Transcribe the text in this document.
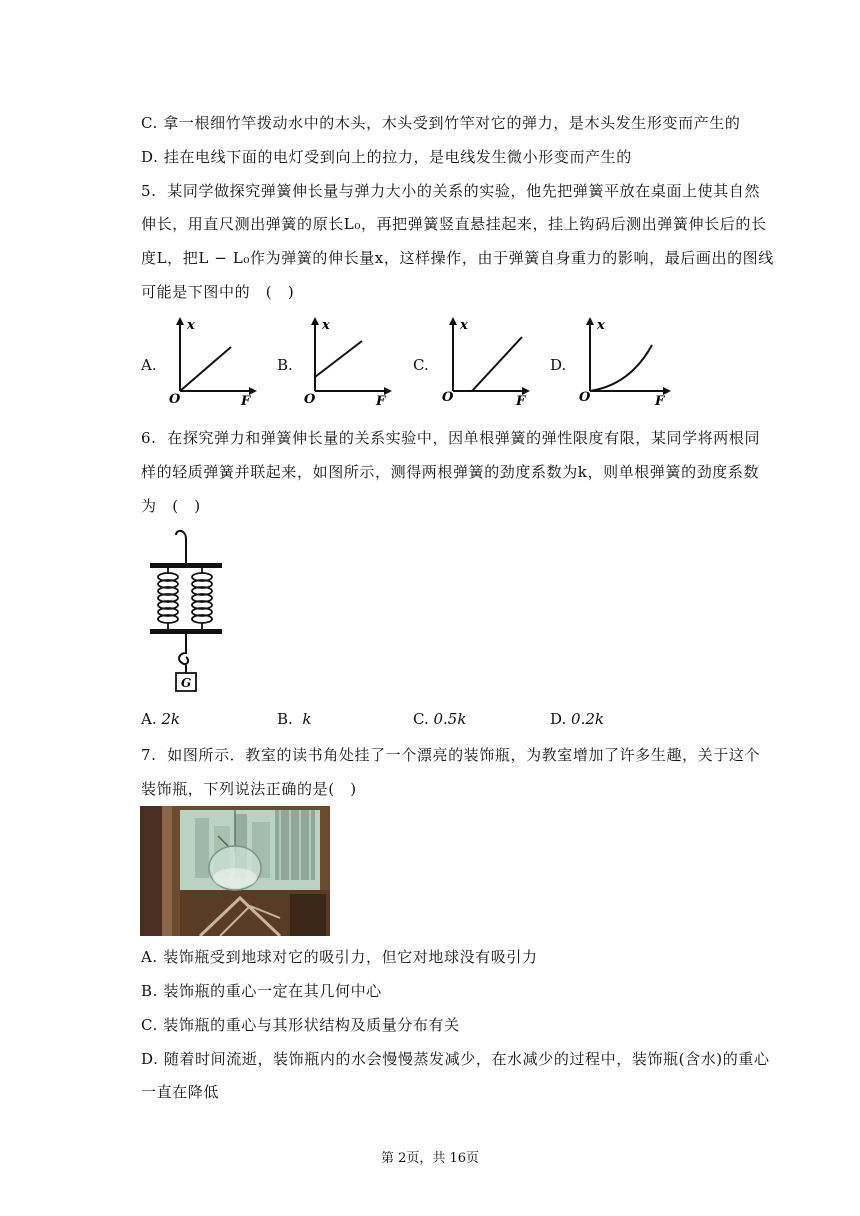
C. 拿一根细竹竿拨动水中的木头，木头受到竹竿对它的弹力，是木头发生形变而产生的
D. 挂在电线下面的电灯受到向上的拉力，是电线发生微小形变而产生的
5. 某同学做探究弹簧伸长量与弹力大小的关系的实验，他先把弹簧平放在桌面上使其自然
伸长，用直尺测出弹簧的原长L₀，再把弹簧竖直悬挂起来，挂上钩码后测出弹簧伸长后的长
度L，把L − L₀作为弹簧的伸长量x，这样操作，由于弹簧自身重力的影响，最后画出的图线
可能是下图中的　(　)
A.
x
O	F
B.
x
O	F
C.
x
O	F
D.
x
O	F
6. 在探究弹力和弹簧伸长量的关系实验中，因单根弹簧的弹性限度有限，某同学将两根同
样的轻质弹簧并联起来，如图所示，测得两根弹簧的劲度系数为k，则单根弹簧的劲度系数
为　(　)
G
A. 2k	B. k	C. 0.5k	D. 0.2k
7. 如图所示．教室的读书角处挂了一个漂亮的装饰瓶，为教室增加了许多生趣，关于这个
装饰瓶，下列说法正确的是(　)
A. 装饰瓶受到地球对它的吸引力，但它对地球没有吸引力
B. 装饰瓶的重心一定在其几何中心
C. 装饰瓶的重心与其形状结构及质量分布有关
D. 随着时间流逝，装饰瓶内的水会慢慢蒸发减少，在水减少的过程中，装饰瓶(含水)的重心
一直在降低
第 2页，共 16页
